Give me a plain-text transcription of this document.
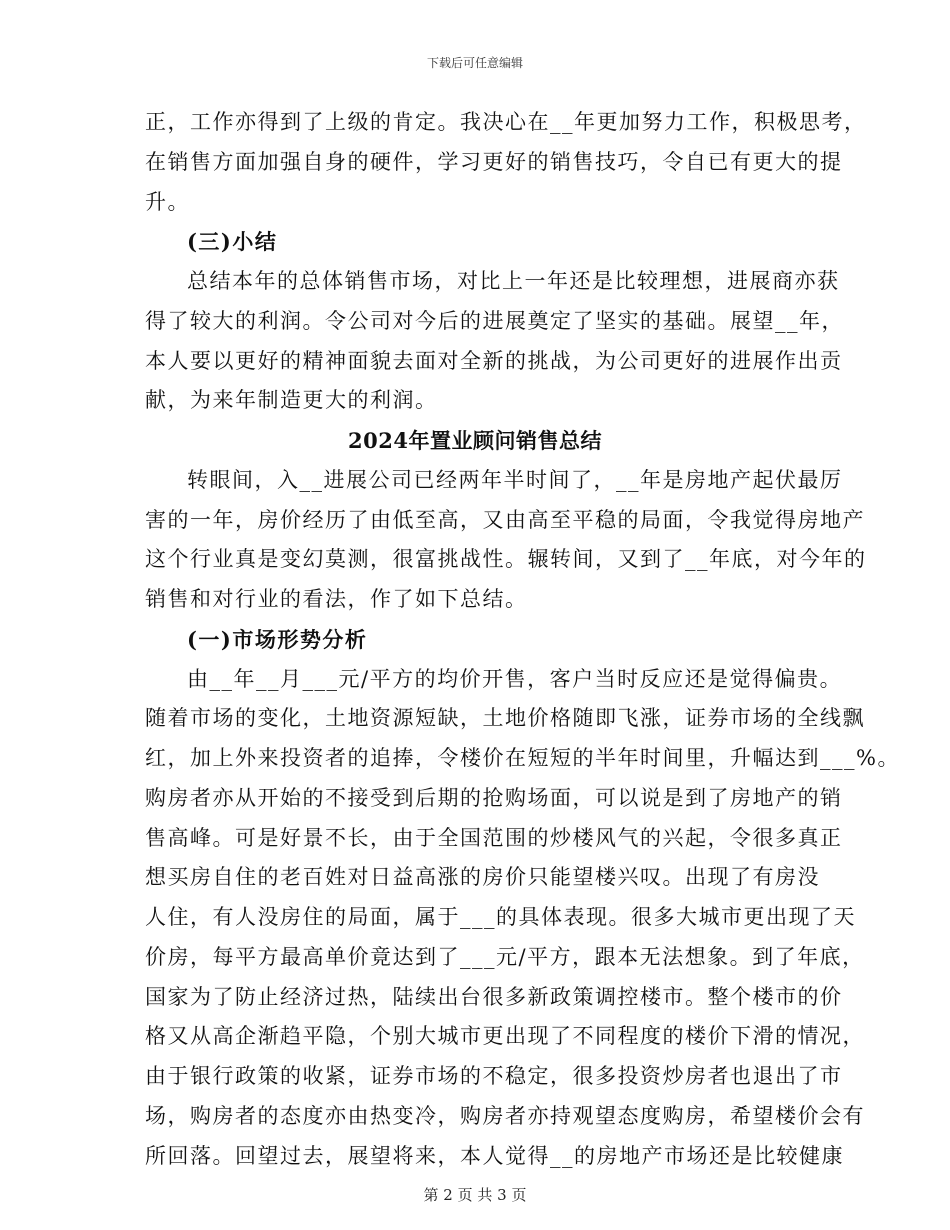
下载后可任意编辑
正，工作亦得到了上级的肯定。我决心在__年更加努力工作，积极思考，
在销售方面加强自身的硬件，学习更好的销售技巧，令自已有更大的提
升。
(三)小结
总结本年的总体销售市场，对比上一年还是比较理想，进展商亦获
得了较大的利润。令公司对今后的进展奠定了坚实的基础。展望__年，
本人要以更好的精神面貌去面对全新的挑战，为公司更好的进展作出贡
献，为来年制造更大的利润。
2024年置业顾问销售总结
转眼间，入__进展公司已经两年半时间了，__年是房地产起伏最厉
害的一年，房价经历了由低至高，又由高至平稳的局面，令我觉得房地产
这个行业真是变幻莫测，很富挑战性。辗转间，又到了__年底，对今年的
销售和对行业的看法，作了如下总结。
(一)市场形势分析
由__年__月___元/平方的均价开售，客户当时反应还是觉得偏贵。
随着市场的变化，土地资源短缺，土地价格随即飞涨，证券市场的全线飘
红，加上外来投资者的追捧，令楼价在短短的半年时间里，升幅达到___%。
购房者亦从开始的不接受到后期的抢购场面，可以说是到了房地产的销
售高峰。可是好景不长，由于全国范围的炒楼风气的兴起，令很多真正
想买房自住的老百姓对日益高涨的房价只能望楼兴叹。出现了有房没
人住，有人没房住的局面，属于___的具体表现。很多大城市更出现了天
价房，每平方最高单价竟达到了___元/平方，跟本无法想象。到了年底，
国家为了防止经济过热，陆续出台很多新政策调控楼市。整个楼市的价
格又从高企渐趋平隐，个别大城市更出现了不同程度的楼价下滑的情况，
由于银行政策的收紧，证券市场的不稳定，很多投资炒房者也退出了市
场，购房者的态度亦由热变冷，购房者亦持观望态度购房，希望楼价会有
所回落。回望过去，展望将来，本人觉得__的房地产市场还是比较健康
第 2 页 共 3 页
